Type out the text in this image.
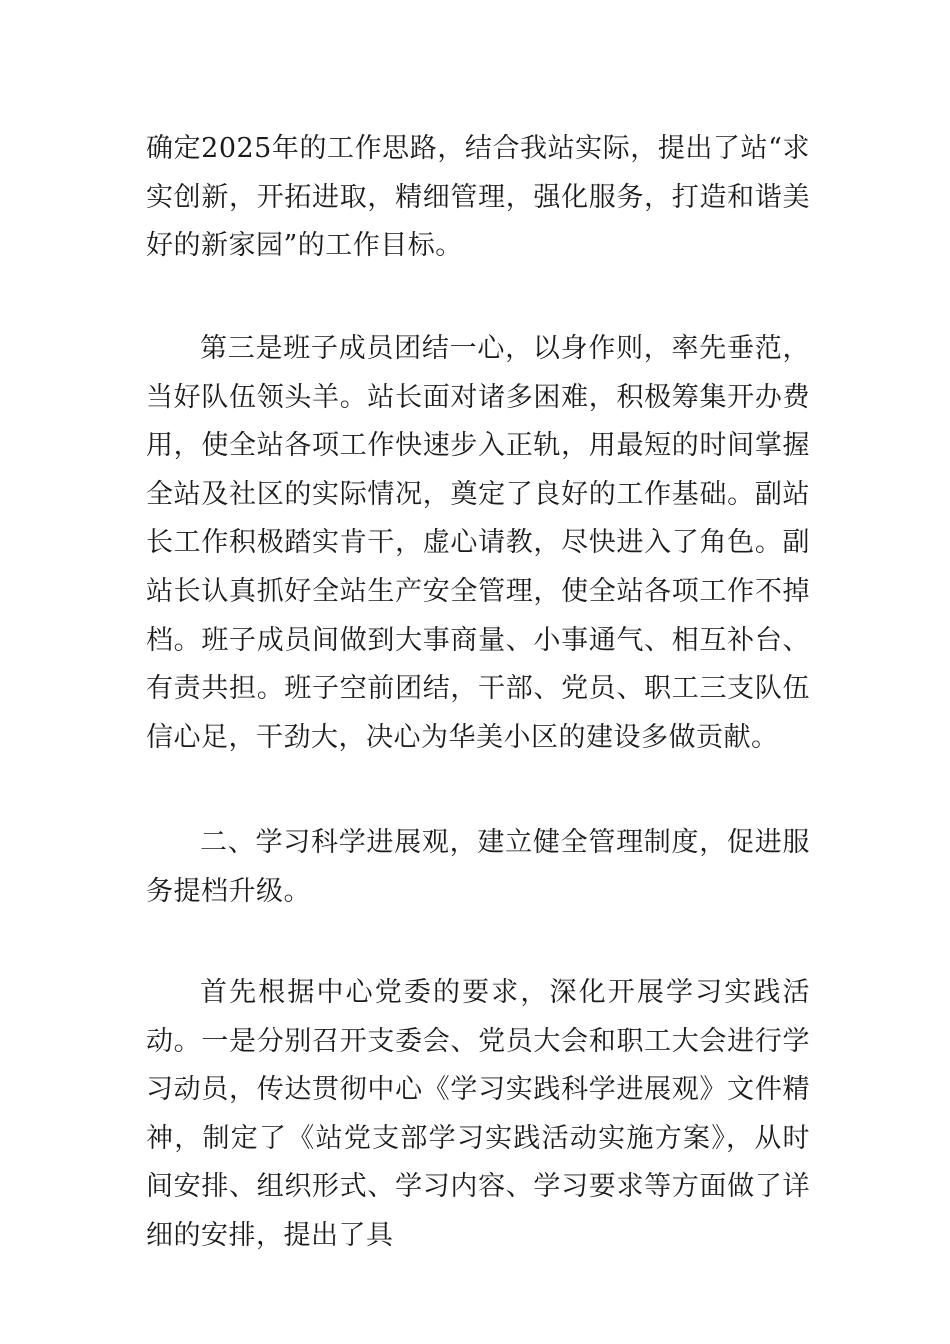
确定2025年的工作思路，结合我站实际，提出了站“求实创新，开拓进取，精细管理，强化服务，打造和谐美好的新家园”的工作目标。

第三是班子成员团结一心，以身作则，率先垂范，当好队伍领头羊。站长面对诸多困难，积极筹集开办费用，使全站各项工作快速步入正轨，用最短的时间掌握全站及社区的实际情况，奠定了良好的工作基础。副站长工作积极踏实肯干，虚心请教，尽快进入了角色。副站长认真抓好全站生产安全管理，使全站各项工作不掉档。班子成员间做到大事商量、小事通气、相互补台、有责共担。班子空前团结，干部、党员、职工三支队伍信心足，干劲大，决心为华美小区的建设多做贡献。

二、学习科学进展观，建立健全管理制度，促进服务提档升级。

首先根据中心党委的要求，深化开展学习实践活动。一是分别召开支委会、党员大会和职工大会进行学习动员，传达贯彻中心《学习实践科学进展观》文件精神，制定了《站党支部学习实践活动实施方案》，从时间安排、组织形式、学习内容、学习要求等方面做了详细的安排，提出了具
